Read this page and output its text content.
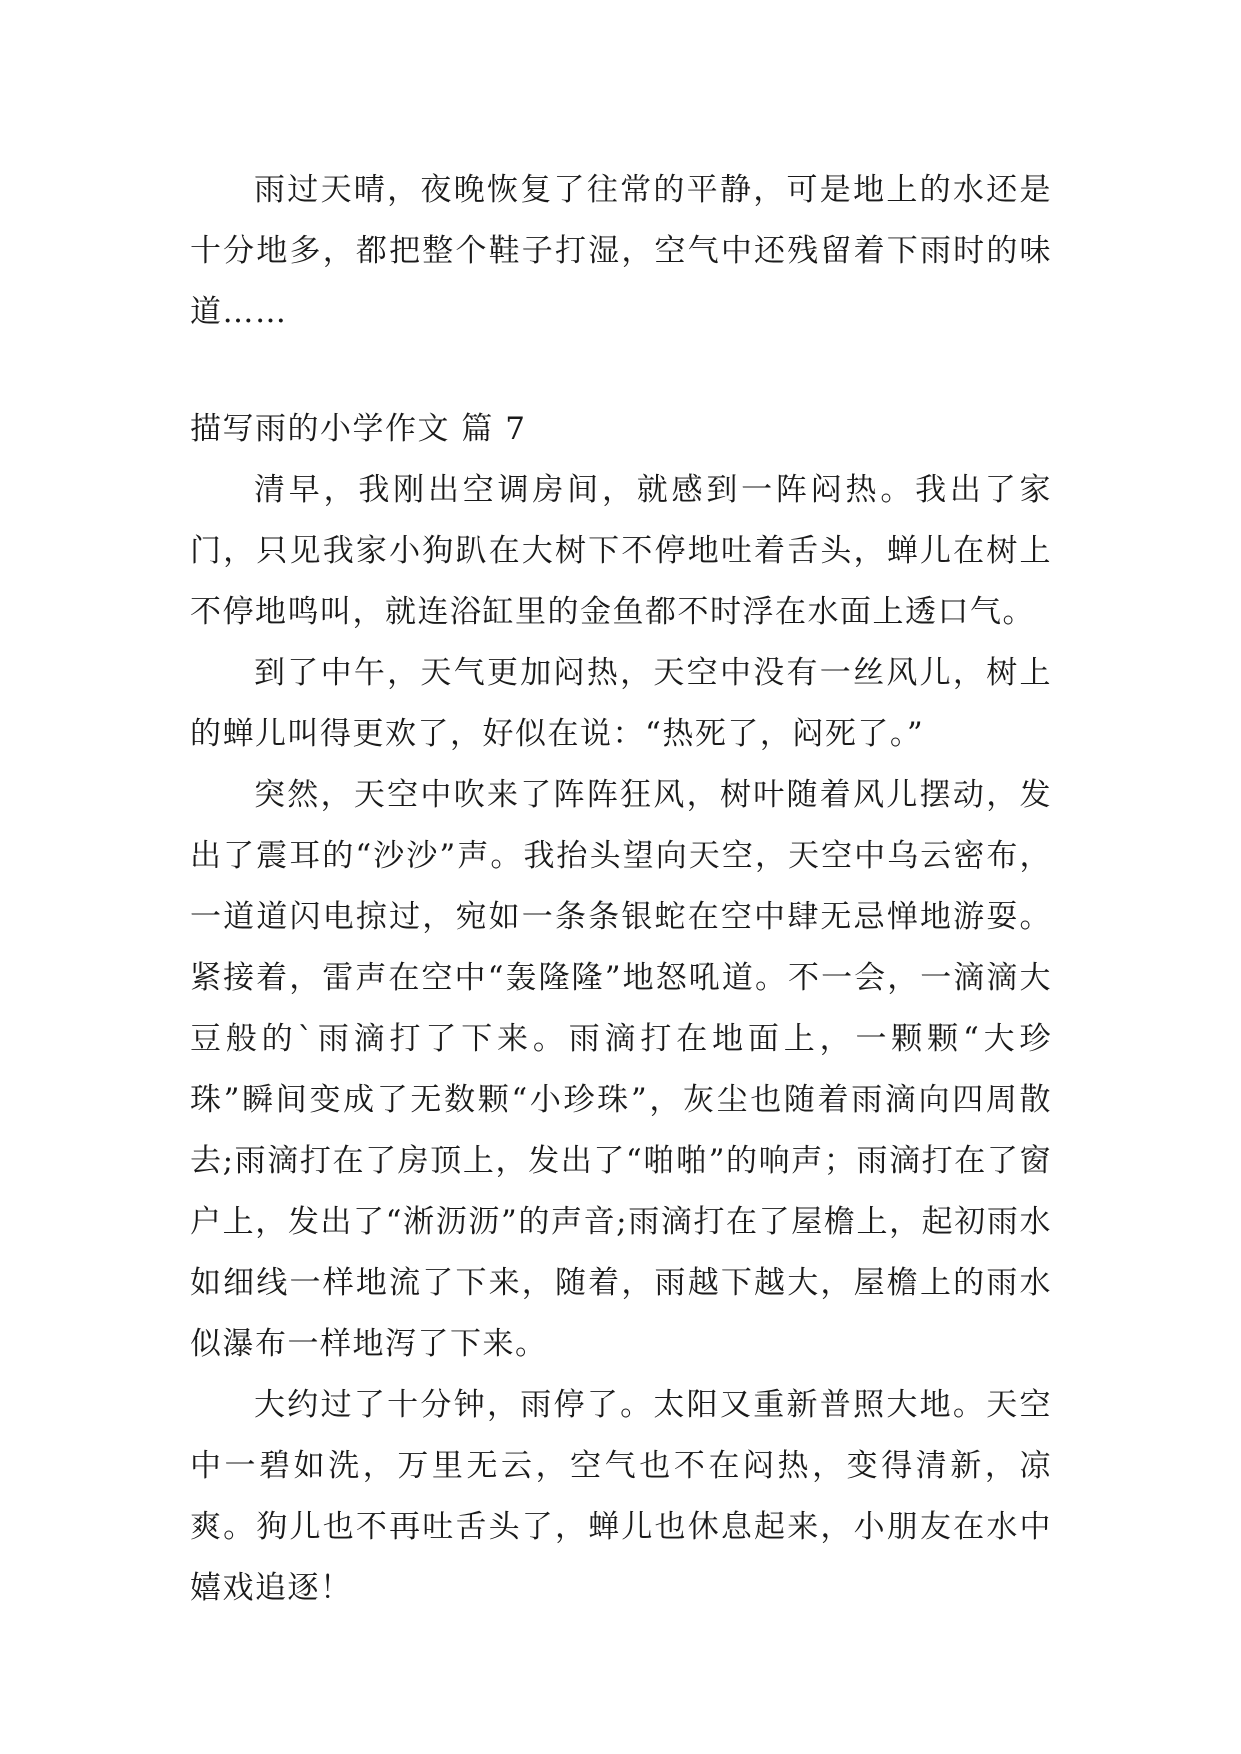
雨过天晴，夜晚恢复了往常的平静，可是地上的水还是十分地多，都把整个鞋子打湿，空气中还残留着下雨时的味道……

描写雨的小学作文 篇 7

清早，我刚出空调房间，就感到一阵闷热。我出了家门，只见我家小狗趴在大树下不停地吐着舌头，蝉儿在树上不停地鸣叫，就连浴缸里的金鱼都不时浮在水面上透口气。

到了中午，天气更加闷热，天空中没有一丝风儿，树上的蝉儿叫得更欢了，好似在说：“热死了，闷死了。”

突然，天空中吹来了阵阵狂风，树叶随着风儿摆动，发出了震耳的“沙沙”声。我抬头望向天空，天空中乌云密布，一道道闪电掠过，宛如一条条银蛇在空中肆无忌惮地游耍。紧接着，雷声在空中“轰隆隆”地怒吼道。不一会，一滴滴大豆般的`雨滴打了下来。雨滴打在地面上，一颗颗“大珍珠”瞬间变成了无数颗“小珍珠”，灰尘也随着雨滴向四周散去;雨滴打在了房顶上，发出了“啪啪”的响声；雨滴打在了窗户上，发出了“淅沥沥”的声音;雨滴打在了屋檐上，起初雨水如细线一样地流了下来，随着，雨越下越大，屋檐上的雨水似瀑布一样地泻了下来。

大约过了十分钟，雨停了。太阳又重新普照大地。天空中一碧如洗，万里无云，空气也不在闷热，变得清新，凉爽。狗儿也不再吐舌头了，蝉儿也休息起来，小朋友在水中嬉戏追逐！
